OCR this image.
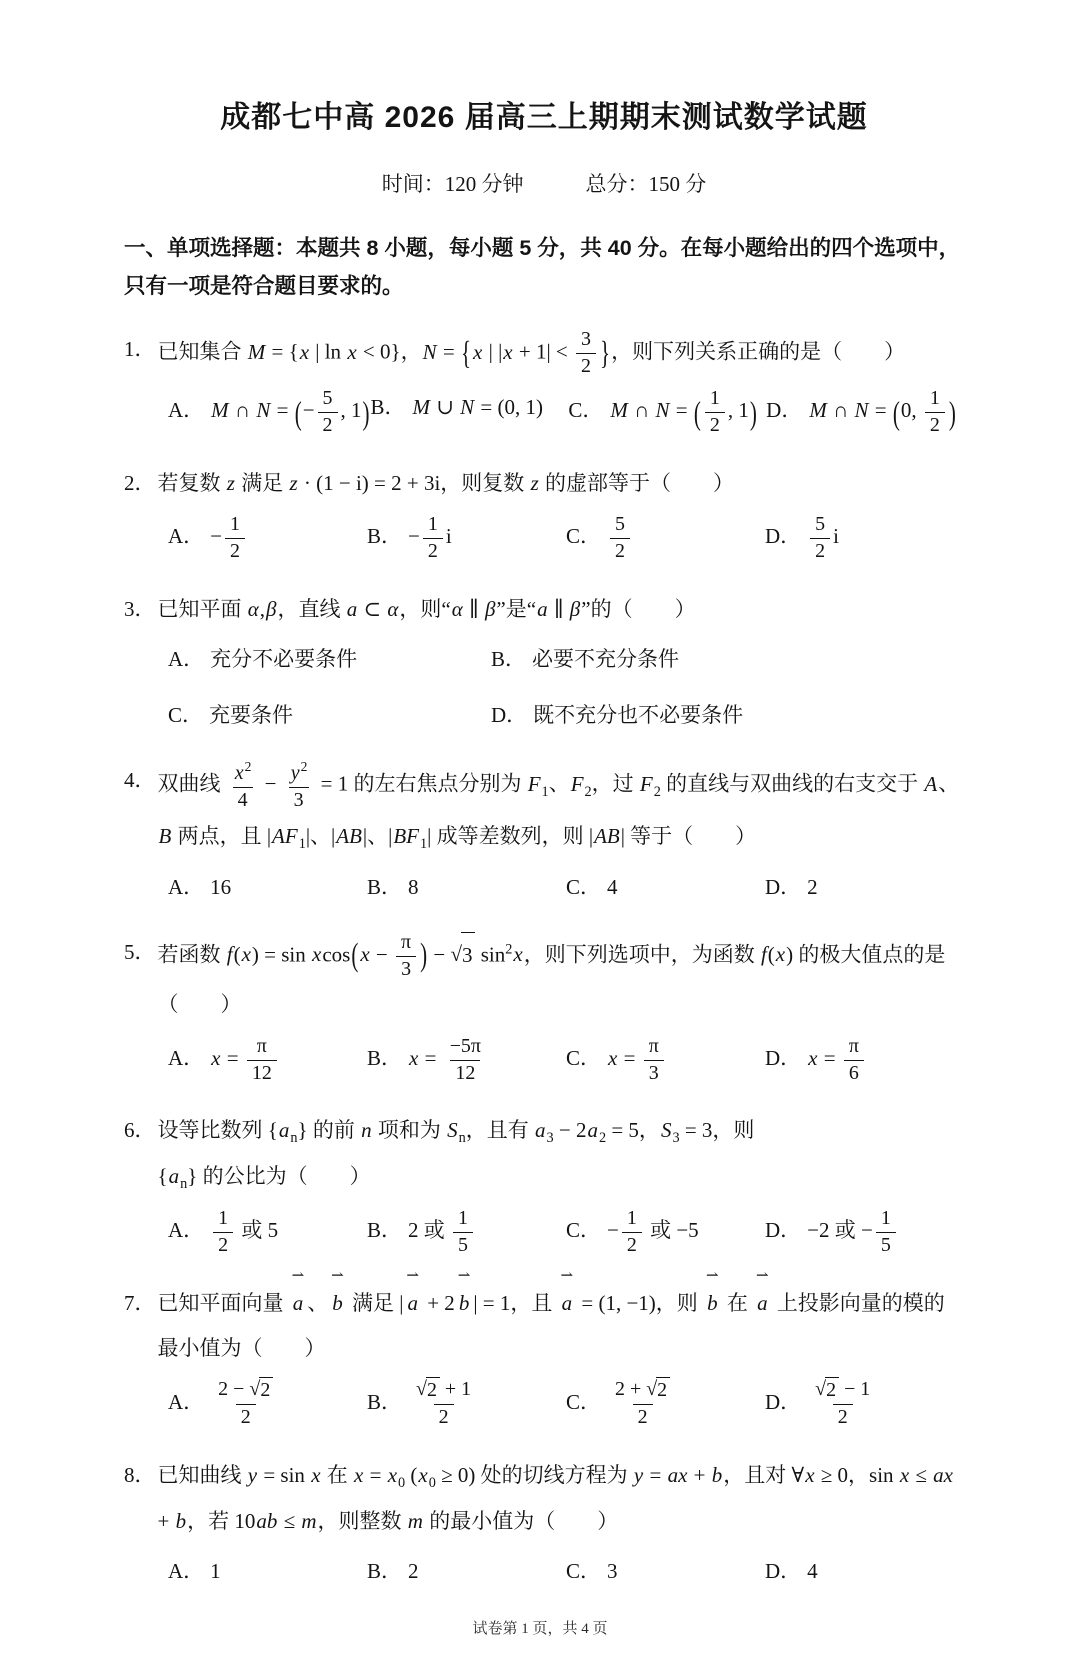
成都七中高 2026 届高三上期期末测试数学试题
时间：120 分钟	总分：150 分
一、单项选择题：本题共 8 小题，每小题 5 分，共 40 分。在每小题给出的四个选项中，只有一项是符合题目要求的。
1． 已知集合 M = {x | ln x < 0}，N = {x | $|x + 1| < \frac{3}{2}$ }，则下列关系正确的是（　　）
A． M ∩ N = (− $\frac{5}{2}$ , 1) B． M ∪ N = (0, 1)	C． M ∩ N = ( $\frac{1}{2}$ , 1) D． M ∩ N = (0, $\frac{1}{2}$ )
2． 若复数 z 满足 z · (1 − i) = 2 + 3i，则复数 z 的虚部等于（　　）
A． − $\frac{1}{2}$	B． − $\frac{1}{2}$ i	C． $\frac{5}{2}$	D． $\frac{5}{2}$ i
3． 已知平面 α,β，直线 a ⊂ α，则“α ∥ β”是“a ∥ β”的（　　）
A． 充分不必要条件	B． 必要不充分条件
C． 充要条件	D． 既不充分也不必要条件
4． 双曲线 $\frac{x^2}{4} - \frac{y^2}{3} = 1$ 的左右焦点分别为 $F_1$、$F_2$，过 $F_2$ 的直线与双曲线的右支交于 A、B 两点，且 $|AF_1|$、|AB|、$|BF_1|$ 成等差数列，则 |AB| 等于（　　）
A． 16	B． 8	C． 4	D． 2
5． 若函数 $f(x) = \sin xcos(x - \frac{\pi}{3}$ ) − √ 3 $\sin^2x$，则下列选项中，为函数 f(x) 的极大值点的是（　　）
A． $x = \frac{\pi}{12}$	B． $x = \frac{-5\pi}{12}$	C． $x = \frac{\pi}{3}$	D． $x = \frac{\pi}{6}$
6． 设等比数列 $\{a_n\}$ 的前 n 项和为 $S_n$，且有 $a_3 - 2a_2 = 5$，$S_3 = 3$，则 $\{a_n\}$ 的公比为（　　）
A． $\frac{1}{2}$ 或 5	B． 2 或 $\frac{1}{5}$	C． − $\frac{1}{2}$ 或 −5	D． −2 或 − $\frac{1}{5}$
7． 已知平面向量
⇀
a 、
⇀
b 满足 |
⇀
a + 2
⇀
b | = 1，且
⇀
a = (1, −1)，则
⇀
b 在
⇀
a 上投影向量的模的最小值为（　　）
A． $\frac{2 - √ 2}{2}$	B． $\frac{√ 2 + 1}{2}$	C． $\frac{2 + √ 2}{2}$	D． $\frac{√ 2 - 1}{2}$
8． 已知曲线 y = sin x 在 $x = x_0$ $(x_0 \ge 0)$ 处的切线方程为 y = ax + b，且对 ∀x ≥ 0，sin x ≤ ax + b，若 10ab ≤ m，则整数 m 的最小值为（　　）
A． 1	B． 2	C． 3	D． 4
试卷第 1 页，共 4 页
